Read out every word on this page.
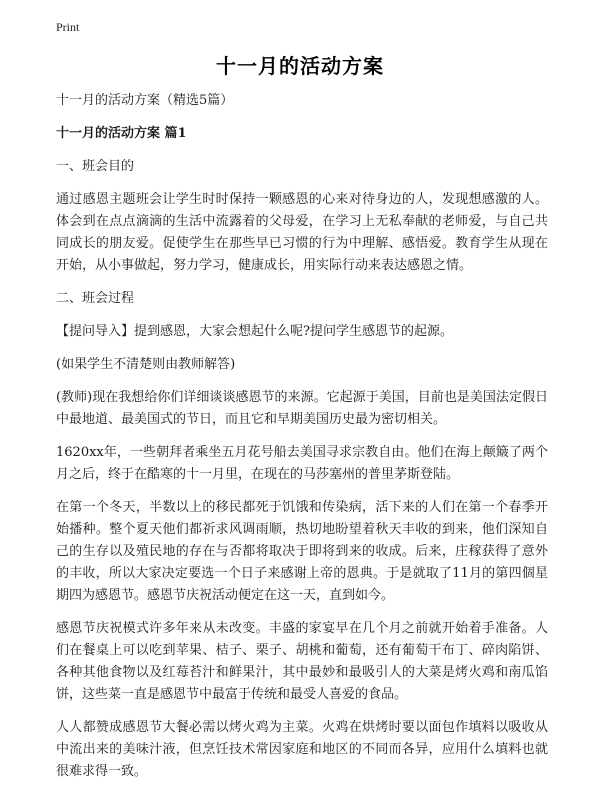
Print
十一月的活动方案

十一月的活动方案（精选5篇）

十一月的活动方案 篇1

一、班会目的

通过感恩主题班会让学生时时保持一颗感恩的心来对待身边的人，发现想感激的人。体会到在点点滴滴的生活中流露着的父母爱，在学习上无私奉献的老师爱，与自己共同成长的朋友爱。促使学生在那些早已习惯的行为中理解、感悟爱。教育学生从现在开始，从小事做起，努力学习，健康成长，用实际行动来表达感恩之情。

二、班会过程

【提问导入】提到感恩，大家会想起什么呢?提问学生感恩节的起源。

(如果学生不清楚则由教师解答)

(教师)现在我想给你们详细谈谈感恩节的来源。它起源于美国，目前也是美国法定假日中最地道、最美国式的节日，而且它和早期美国历史最为密切相关。

1620xx年，一些朝拜者乘坐五月花号船去美国寻求宗教自由。他们在海上颠簸了两个月之后，终于在酷寒的十一月里，在现在的马莎塞州的普里茅斯登陆。

在第一个冬天，半数以上的移民都死于饥饿和传染病，活下来的人们在第一个春季开始播种。整个夏天他们都祈求风调雨顺，热切地盼望着秋天丰收的到来，他们深知自己的生存以及殖民地的存在与否都将取决于即将到来的收成。后来，庄稼获得了意外的丰收，所以大家决定要选一个日子来感谢上帝的恩典。于是就取了11月的第四個星期四为感恩节。感恩节庆祝活动便定在这一天，直到如今。

感恩节庆祝模式许多年来从未改变。丰盛的家宴早在几个月之前就开始着手准备。人们在餐桌上可以吃到苹果、桔子、栗子、胡桃和葡萄，还有葡萄干布丁、碎肉陷饼、各种其他食物以及红莓苔汁和鲜果汁，其中最妙和最吸引人的大菜是烤火鸡和南瓜馅饼，这些菜一直是感恩节中最富于传统和最受人喜爱的食品。

人人都赞成感恩节大餐必需以烤火鸡为主菜。火鸡在烘烤时要以面包作填料以吸收从中流出来的美味汁液，但烹饪技术常因家庭和地区的不同而各异，应用什么填料也就很难求得一致。
